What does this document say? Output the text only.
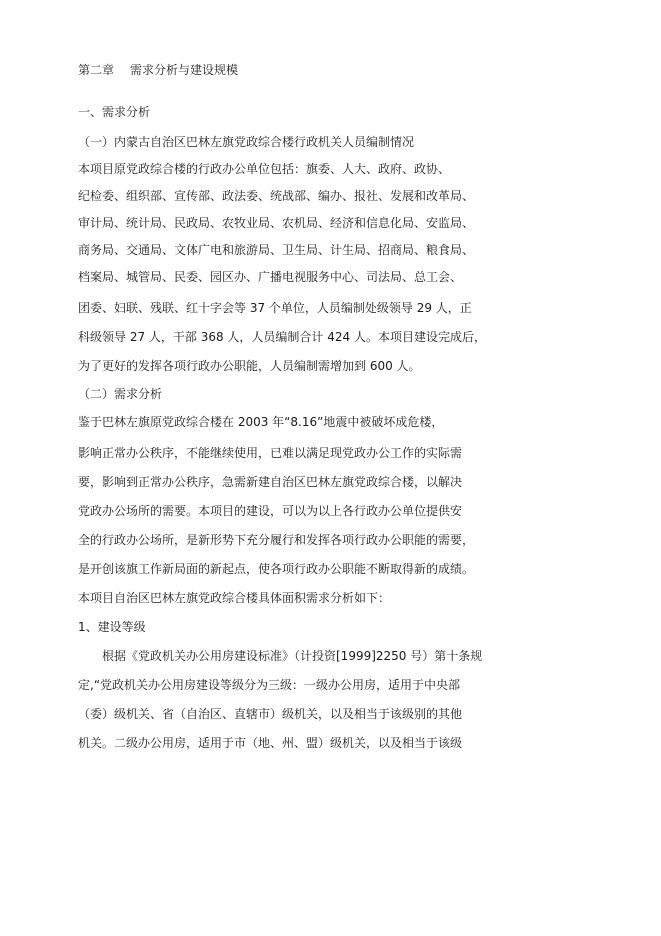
第二章 需求分析与建设规模
一、需求分析
（一）内蒙古自治区巴林左旗党政综合楼行政机关人员编制情况
本项目原党政综合楼的行政办公单位包括：旗委、人大、政府、政协、
纪检委、组织部、宣传部、政法委、统战部、编办、报社、发展和改革局、
审计局、统计局、民政局、农牧业局、农机局、经济和信息化局、安监局、
商务局、交通局、文体广电和旅游局、卫生局、计生局、招商局、粮食局、
档案局、城管局、民委、园区办、广播电视服务中心、司法局、总工会、
团委、妇联、残联、红十字会等 37 个单位，人员编制处级领导 29 人，正
科级领导 27 人，干部 368 人，人员编制合计 424 人。本项目建设完成后，
为了更好的发挥各项行政办公职能，人员编制需增加到 600 人。
（二）需求分析
鉴于巴林左旗原党政综合楼在 2003 年“8.16”地震中被破坏成危楼，
影响正常办公秩序，不能继续使用，已难以满足现党政办公工作的实际需
要，影响到正常办公秩序，急需新建自治区巴林左旗党政综合楼，以解决
党政办公场所的需要。本项目的建设，可以为以上各行政办公单位提供安
全的行政办公场所，是新形势下充分履行和发挥各项行政办公职能的需要，
是开创该旗工作新局面的新起点，使各项行政办公职能不断取得新的成绩。
本项目自治区巴林左旗党政综合楼具体面积需求分析如下：
1、建设等级
根据《党政机关办公用房建设标准》（计投资[1999]2250 号）第十条规
定,“党政机关办公用房建设等级分为三级：一级办公用房，适用于中央部
（委）级机关、省（自治区、直辖市）级机关，以及相当于该级别的其他
机关。二级办公用房，适用于市（地、州、盟）级机关，以及相当于该级
